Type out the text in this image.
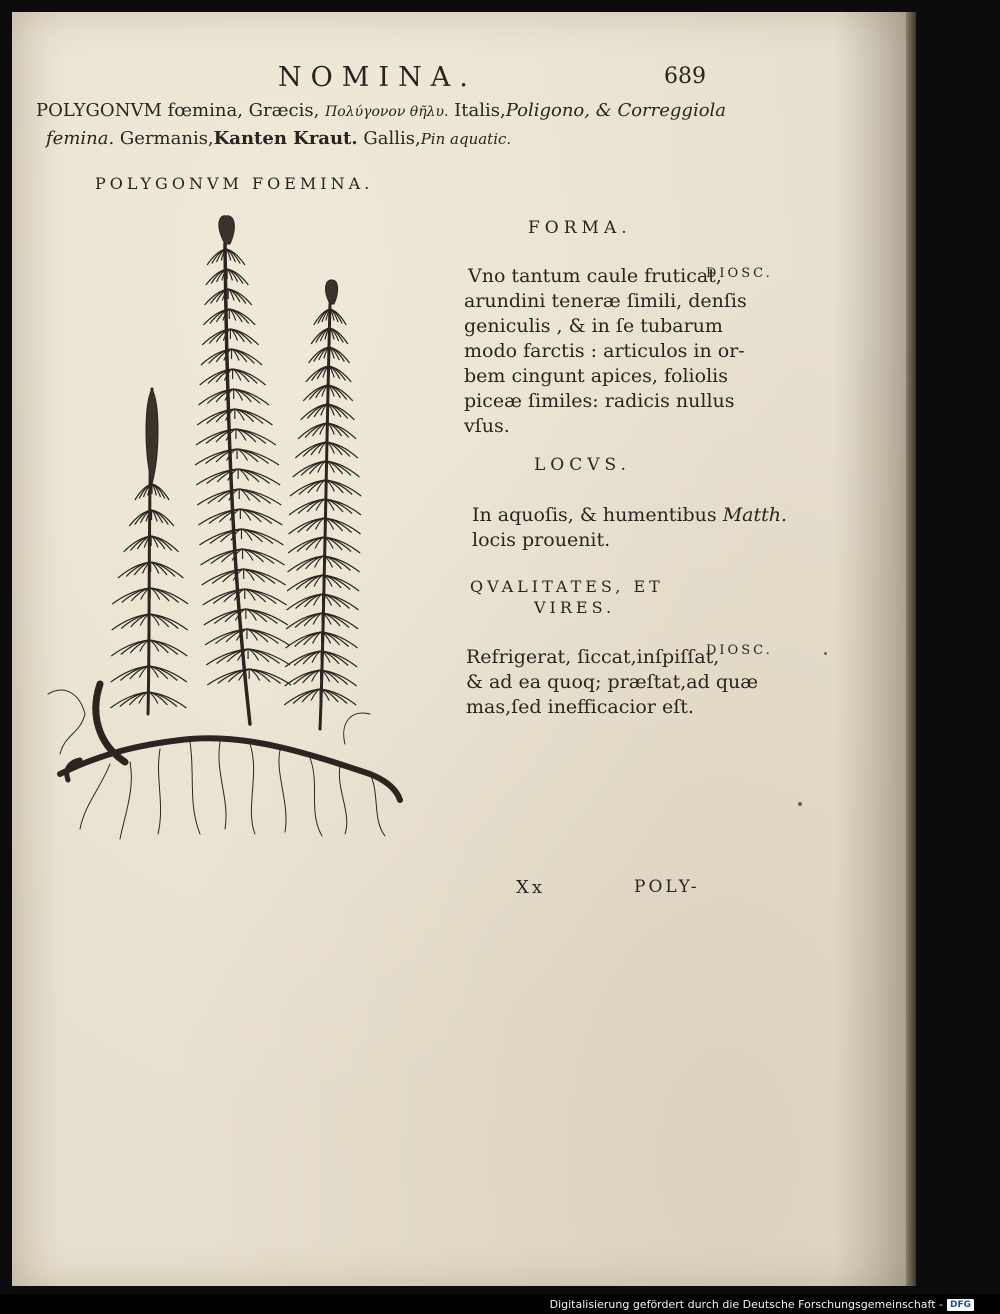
NOMINA.	689
POLYGONVM fœmina, Græcis, Πολύγονον θῆλυ. Italis,Poligono, & Correggiola
femina. Germanis,Kanten Kraut. Gallis,Pin aquatic.
POLYGONVM FOEMINA.
FORMA.
Vno tantum caule fruticat,
arundini teneræ ſimili, denſis
geniculis , & in ſe tubarum
modo farctis : articulos in or-
bem cingunt apices, foliolis
piceæ ſimiles: radicis nullus
vſus.
DIOSC.
LOCVS.
In aquoſis, & humentibus Matth.
locis prouenit.
QVALITATES, ET
VIRES.
Refrigerat, ſiccat,inſpiſſat,
& ad ea quoq; præſtat,ad quæ
mas,ſed inefficacior eſt.
DIOSC.
Xx	POLY-
Digitalisierung gefördert durch die Deutsche Forschungsgemeinschaft - DFG
